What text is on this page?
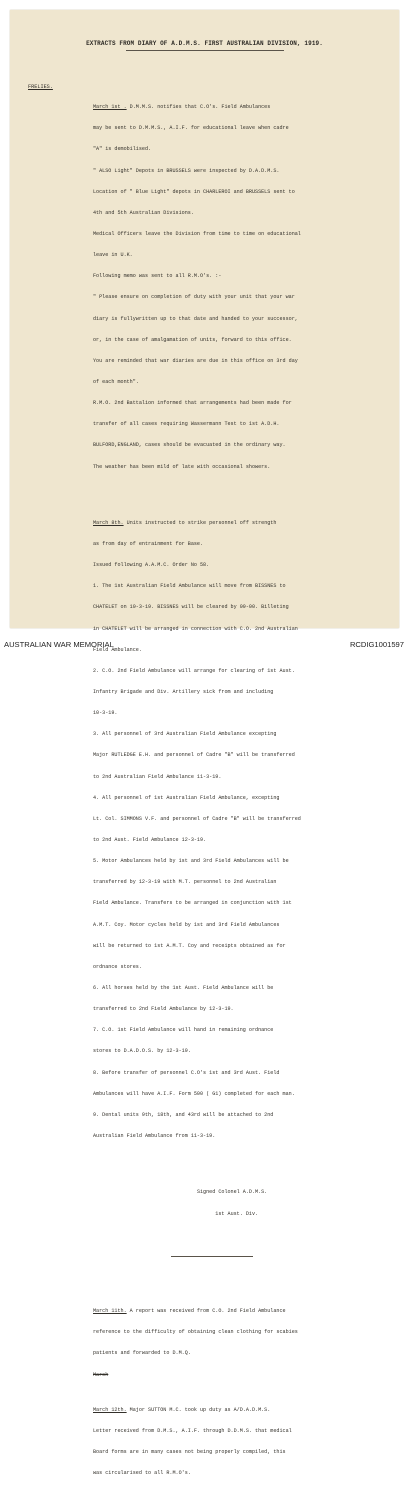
EXTRACTS FROM DIARY OF A.D.M.S. FIRST AUSTRALIAN DIVISION, 1919.
FRELIES.

March 1st . D.M.M.S. notifies that C.O's. Field Ambulances

may be sent to D.M.M.S., A.I.F. for educational leave when cadre

"A" is demobilised.

" ALSO Light" Depots in BRUSSELS were inspected by D.A.D.M.S.

Location of " Blue Light" depots in CHARLEROI and BRUSSELS sent to

4th and 5th Australian Divisions.

Medical Officers leave the Division from time to time on educational

leave in U.K.

Following memo was sent to all R.M.O's. :-

" Please ensure on completion of duty with your unit that your war

diary is fullywritten up to that date and handed to your successor,

or, in the case of amalgamation of units, forward to this office.

You are reminded that war diaries are due in this office on 3rd day

of each month".

R.M.O. 2nd Battalion informed that arrangements had been made for

transfer of all cases requiring Wassermann Test to 1st A.D.H.

BULFORD,ENGLAND, cases should be evacuated in the ordinary way.

The weather has been mild of late with occasional showers.

March 8th. Units instructed to strike personnel off strength

as from day of entrainment for Base.

Issued following A.A.M.C. Order No 58.

1. The 1st Australian Field Ambulance will move from BISSNES to

CHATELET on 10-3-19. BISSNES will be cleared by 09-00. Billeting

in CHATELET will be arranged in connection with C.O. 2nd Australian

Field Ambulance.

2. C.O. 2nd Field Ambulance will arrange for clearing of 1st Aust.

Infantry Brigade and Div. Artillery sick from and including

10-3-19.

3. All personnel of 3rd Australian Field Ambulance excepting

Major RUTLEDGE E.H. and personnel of Cadre "B" will be transferred

to 2nd Australian Field Ambulance 11-3-19.

4. All personnel of 1st Australian Field Ambulance, excepting

Lt. Col. SIMMONS V.F. and personnel of Cadre "B" will be transferred

to 2nd Aust. Field Ambulance 12-3-19.

5. Motor Ambulances held by 1st and 3rd Field Ambulances will be

transferred by 12-3-19 with M.T. personnel to 2nd Australian

Field Ambulance. Transfers to be arranged in conjunction with 1st

A.M.T. Coy. Motor cycles held by 1st and 3rd Field Ambulances

will be returned to 1st A.M.T. Coy and receipts obtained as for

ordnance stores.

6. All horses held by the 1st Aust. Field Ambulance will be

transferred to 2nd Field Ambulance by 12-3-19.

7. C.O. 1st Field Ambulance will hand in remaining ordnance

stores to D.A.D.O.S. by 12-3-19.

8. Before transfer of personnel C.O's 1st and 3rd Aust. Field

Ambulances will have A.I.F. Form 500 ( G1) completed for each man.

9. Dental units 9th, 18th, and 43rd will be attached to 2nd

Australian Field Ambulance from 11-3-19.

Signed Colonel A.D.M.S.

1st Aust. Div.

March 11th. A report was received from C.O. 2nd Field Ambulance

reference to the difficulty of obtaining clean clothing for scabies

patients and forwarded to D.M.Q.

March

March 12th. Major SUTTON M.C. took up duty as A/D.A.D.M.S.

Letter received from D.M.S., A.I.F. through D.D.M.S. that medical

Board forms are in many cases not being properly compiled, this

was circularised to all R.M.O's.

AUSTRALIAN WAR MEMORIAL	RCDIG1001597
